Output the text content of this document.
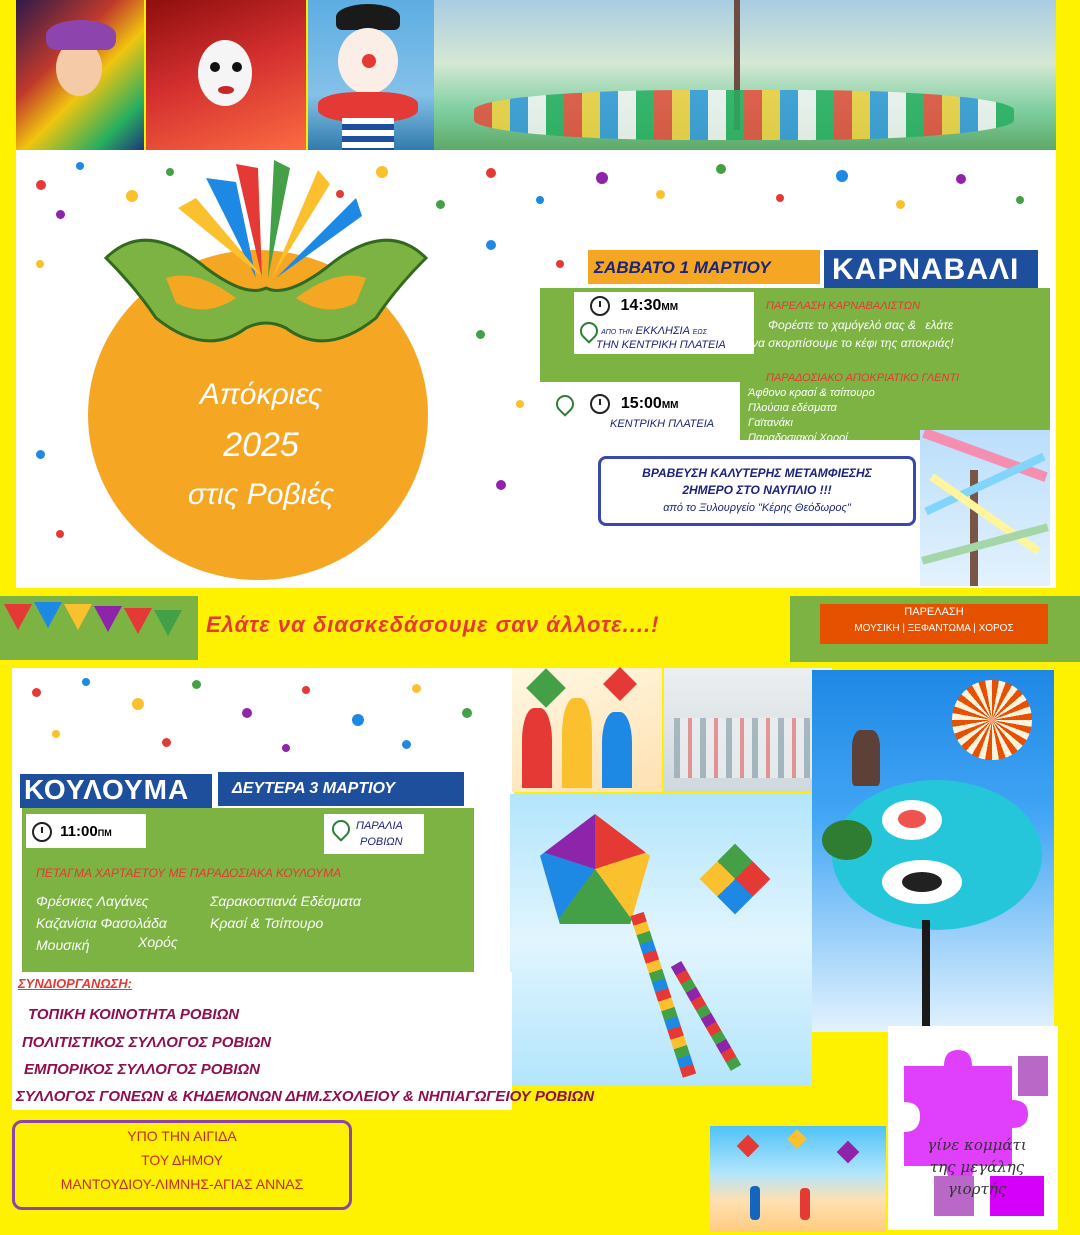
Απόκριες
2025
στις Ροβιές
ΣΑΒΒΑΤΟ 1 ΜΑΡΤΙΟΥ ΚΑΡΝΑΒΑΛΙ
14:30ΜΜ
ΑΠΟ ΤΗΝ ΕΚΚΛΗΣΙΑ ΕΩΣ
ΤΗΝ ΚΕΝΤΡΙΚΗ ΠΛΑΤΕΙΑ
ΠΑΡΕΛΑΣΗ ΚΑΡΝΑΒΑΛΙΣΤΩΝ
Φορέστε το χαμόγελό σας & ελάτε
να σκορπίσουμε το κέφι της αποκριάς!
ΠΑΡΑΔΟΣΙΑΚΟ ΑΠΟΚΡΙΑΤΙΚΟ ΓΛΕΝΤΙ
15:00ΜΜ
ΚΕΝΤΡΙΚΗ ΠΛΑΤΕΙΑ
Άφθονο κρασί & τσίπουρο
Πλούσια εδέσματα
Γαϊτανάκι
Παραδοσιακοί Χοροί
ΒΡΑΒΕΥΣΗ ΚΑΛΥΤΕΡΗΣ ΜΕΤΑΜΦΙΕΣΗΣ
2ΗΜΕΡΟ ΣΤΟ ΝΑΥΠΛΙΟ !!!
από το Ξυλουργείο "Κέρης Θεόδωρος"
Ελάτε να διασκεδάσουμε σαν άλλοτε....!	ΠΑΡΕΛΑΣΗ
ΜΟΥΣΙΚΗ | ΞΕΦΑΝΤΩΜΑ | ΧΟΡΟΣ
ΚΟΥΛΟΥΜΑ	ΔΕΥΤΕΡΑ 3 ΜΑΡΤΙΟΥ
11:00ΠΜ
ΠΑΡΑΛΙΑ
ΡΟΒΙΩΝ
ΠΕΤΑΓΜΑ ΧΑΡΤΑΕΤΟΥ ΜΕ ΠΑΡΑΔΟΣΙΑΚΑ ΚΟΥΛΟΥΜΑ
Φρέσκιες Λαγάνες
Καζανίσια Φασολάδα
Μουσική	Χορός
Σαρακοστιανά Εδέσματα
Κρασί & Τσίπουρο
ΣΥΝΔΙΟΡΓΑΝΩΣΗ:
ΤΟΠΙΚΗ ΚΟΙΝΟΤΗΤΑ ΡΟΒΙΩΝ
ΠΟΛΙΤΙΣΤΙΚΟΣ ΣΥΛΛΟΓΟΣ ΡΟΒΙΩΝ
ΕΜΠΟΡΙΚΟΣ ΣΥΛΛΟΓΟΣ ΡΟΒΙΩΝ
ΣΥΛΛΟΓΟΣ ΓΟΝΕΩΝ & ΚΗΔΕΜΟΝΩΝ ΔΗΜ.ΣΧΟΛΕΙΟΥ & ΝΗΠΙΑΓΩΓΕΙΟΥ ΡΟΒΙΩΝ
ΥΠΟ ΤΗΝ ΑΙΓΙΔΑ
ΤΟΥ ΔΗΜΟΥ
ΜΑΝΤΟΥΔΙΟΥ-ΛΙΜΝΗΣ-ΑΓΙΑΣ ΑΝΝΑΣ
γίνε κομμάτι
της μεγάλης
γιορτής
